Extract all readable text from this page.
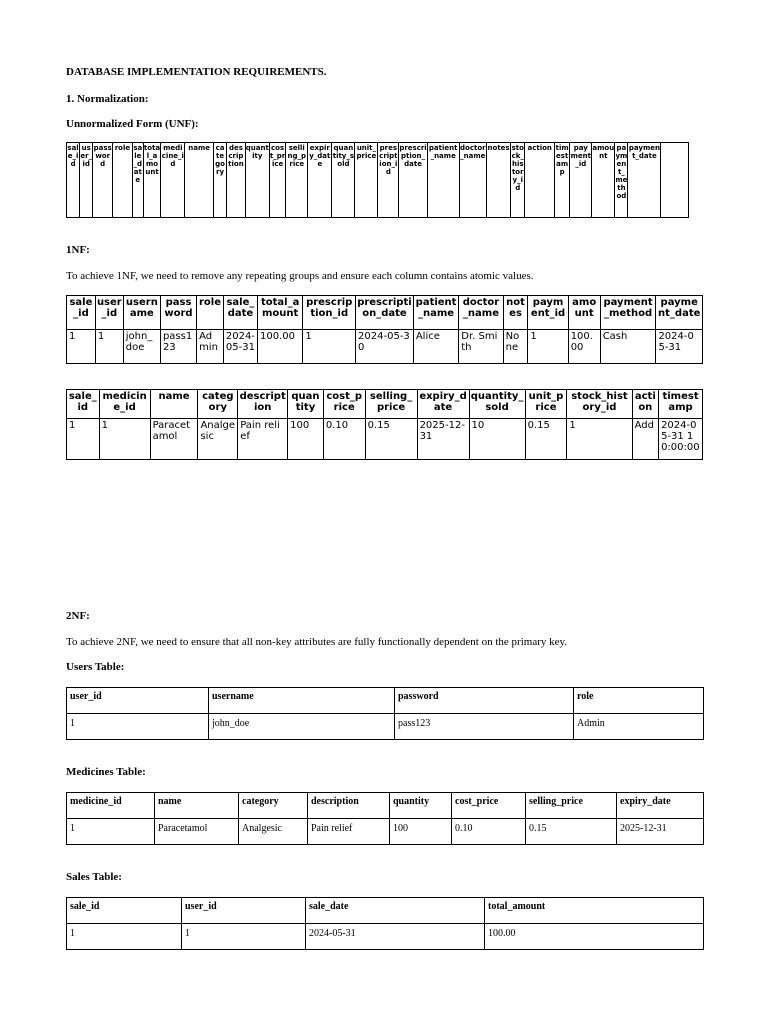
DATABASE IMPLEMENTATION REQUIREMENTS.
1. Normalization:
Unnormalized Form (UNF):
sale_id	user_id	password	role	sale_date	total_amount	medicine_id	name	category	description	quantity	cost_price	selling_price	expiry_date	quantity_sold	unit_price	prescription_id	prescription_date	patient_name	doctor_name	notes	stock_history_id	action	timestamp	payment_id	amount	payment_method	payment_date	
1NF:
To achieve 1NF, we need to remove any repeating groups and ensure each column contains atomic values.
sale_id	user_id	username	password	role	sale_date	total_amount	prescription_id	prescription_date	patient_name	doctor_name	notes	payment_id	amount	payment_method	payment_date
1	1	john_doe	pass123	Admin	2024-05-31	100.00	1	2024-05-30	Alice	Dr. Smith	None	1	100.00	Cash	2024-05-31
sale_id	medicine_id	name	category	description	quantity	cost_price	selling_price	expiry_date	quantity_sold	unit_price	stock_history_id	action	timestamp
1	1	Paracetamol	Analgesic	Pain relief	100	0.10	0.15	2025-12-31	10	0.15	1	Add	2024-05-31 10:00:00
2NF:
To achieve 2NF, we need to ensure that all non-key attributes are fully functionally dependent on the primary key.
Users Table:
user_id	username	password	role
1	john_doe	pass123	Admin
Medicines Table:
medicine_id	name	category	description	quantity	cost_price	selling_price	expiry_date
1	Paracetamol	Analgesic	Pain relief	100	0.10	0.15	2025-12-31
Sales Table:
sale_id	user_id	sale_date	total_amount
1	1	2024-05-31	100.00
